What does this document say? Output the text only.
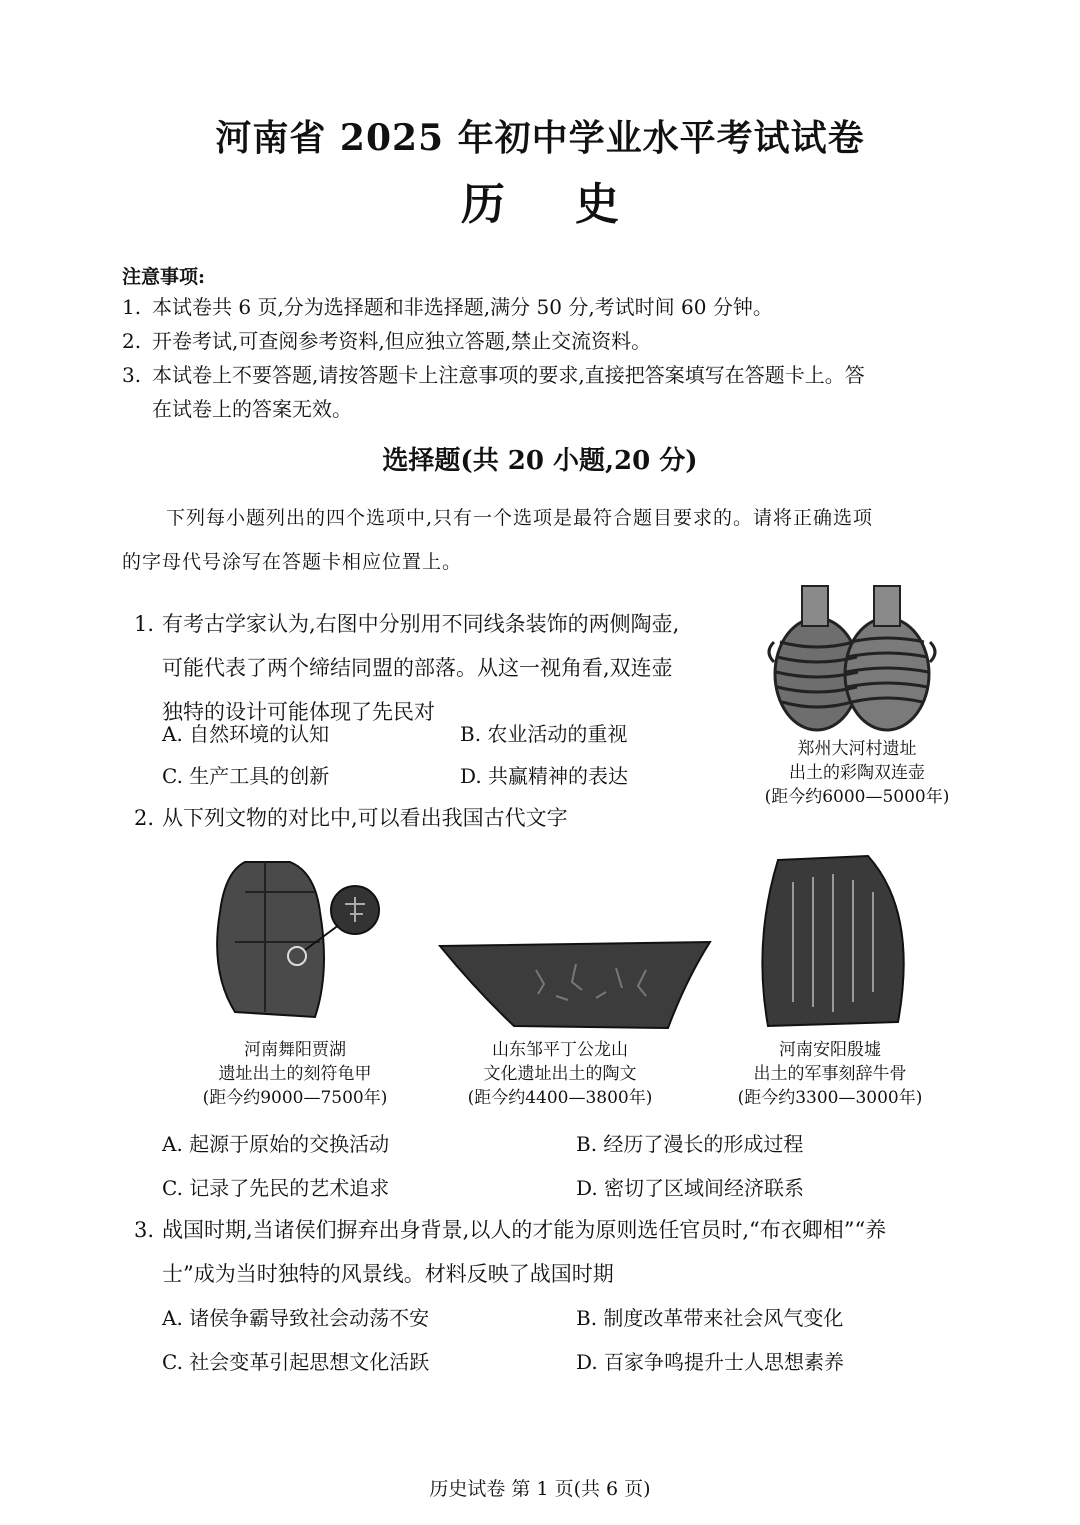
河南省 2025 年初中学业水平考试试卷
历史
注意事项:
1. 本试卷共 6 页,分为选择题和非选择题,满分 50 分,考试时间 60 分钟。
2. 开卷考试,可查阅参考资料,但应独立答题,禁止交流资料。
3. 本试卷上不要答题,请按答题卡上注意事项的要求,直接把答案填写在答题卡上。答
在试卷上的答案无效。
选择题(共 20 小题,20 分)
下列每小题列出的四个选项中,只有一个选项是最符合题目要求的。请将正确选项
的字母代号涂写在答题卡相应位置上。
1. 有考古学家认为,右图中分别用不同线条装饰的两侧陶壶,
可能代表了两个缔结同盟的部落。从这一视角看,双连壶
独特的设计可能体现了先民对
A. 自然环境的认知	B. 农业活动的重视
C. 生产工具的创新	D. 共赢精神的表达
郑州大河村遗址
出土的彩陶双连壶
(距今约6000—5000年)
2. 从下列文物的对比中,可以看出我国古代文字
河南舞阳贾湖
遗址出土的刻符龟甲
(距今约9000—7500年)
山东邹平丁公龙山
文化遗址出土的陶文
(距今约4400—3800年)
河南安阳殷墟
出土的军事刻辞牛骨
(距今约3300—3000年)
A. 起源于原始的交换活动	B. 经历了漫长的形成过程
C. 记录了先民的艺术追求	D. 密切了区域间经济联系
3. 战国时期,当诸侯们摒弃出身背景,以人的才能为原则选任官员时,“布衣卿相”“养
士”成为当时独特的风景线。材料反映了战国时期
A. 诸侯争霸导致社会动荡不安	B. 制度改革带来社会风气变化
C. 社会变革引起思想文化活跃	D. 百家争鸣提升士人思想素养
历史试卷 第 1 页(共 6 页)
